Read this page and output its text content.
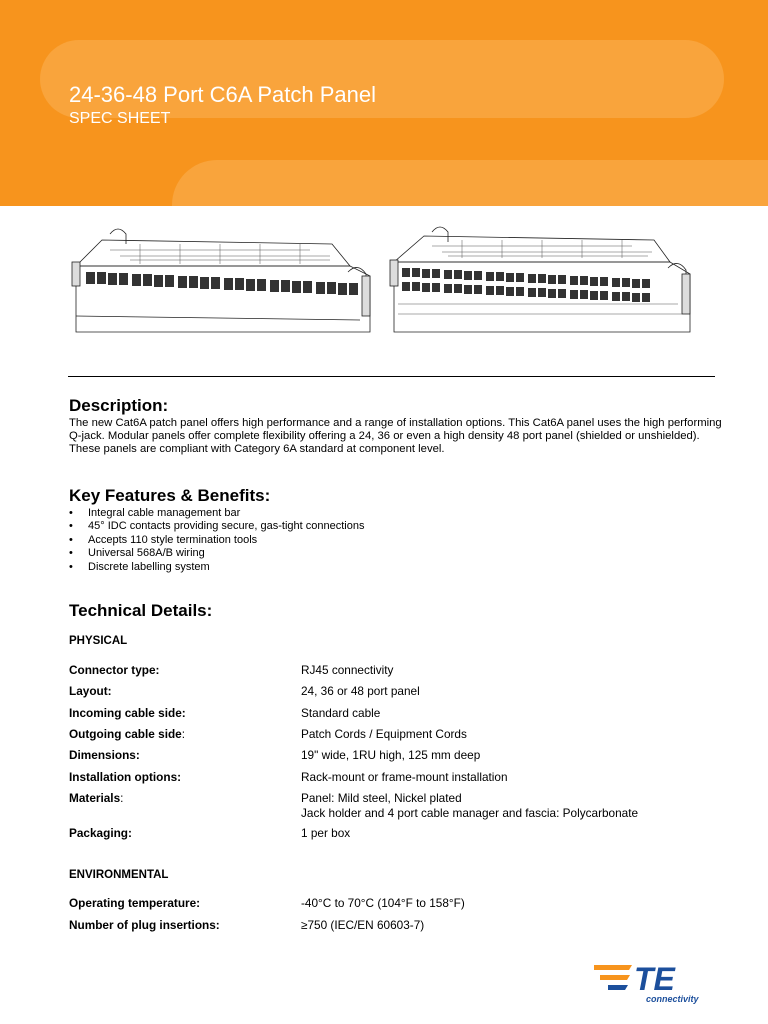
24-36-48 Port C6A Patch Panel
SPEC SHEET
Description:

The new Cat6A patch panel offers high performance and a range of installation options. This Cat6A panel uses the high performing Q-jack. Modular panels offer complete flexibility offering a 24, 36 or even a high density 48 port panel (shielded or unshielded). These panels are compliant with Category 6A standard at component level.

Key Features & Benefits:
• Integral cable management bar
• 45° IDC contacts providing secure, gas-tight connections
• Accepts 110 style termination tools
• Universal 568A/B wiring
• Discrete labelling system
Technical Details:
PHYSICAL
Connector type:	RJ45 connectivity
Layout:	24, 36 or 48 port panel
Incoming cable side:	Standard cable
Outgoing cable side:	Patch Cords / Equipment Cords
Dimensions:	19" wide, 1RU high, 125 mm deep
Installation options:	Rack-mount or frame-mount installation
Materials:	Panel: Mild steel, Nickel plated
Jack holder and 4 port cable manager and fascia: Polycarbonate
Packaging:	1 per box
ENVIRONMENTAL
Operating temperature:	-40°C to 70°C (104°F to 158°F)
Number of plug insertions:	≥750 (IEC/EN 60603-7)
TE
connectivity
